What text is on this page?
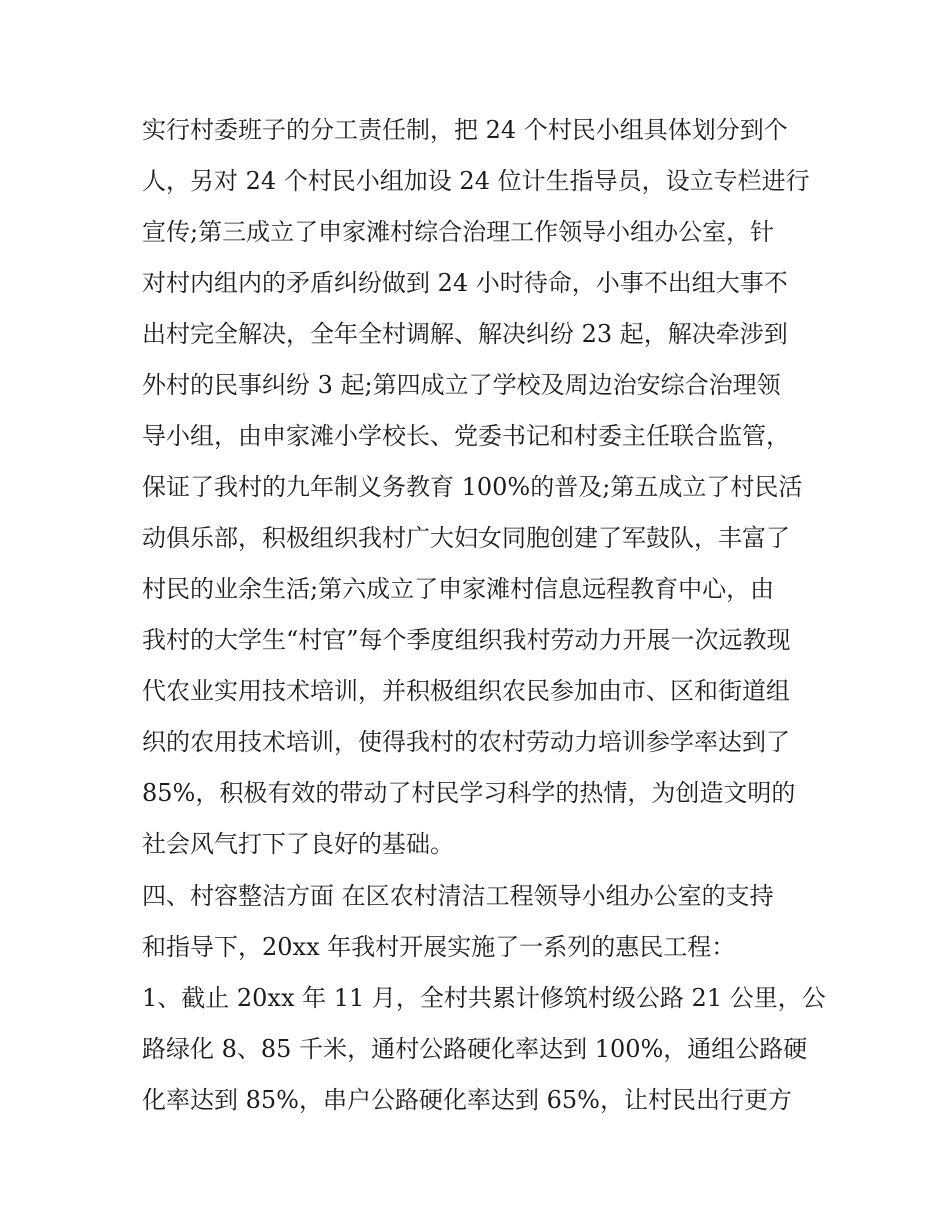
实行村委班子的分工责任制，把 24 个村民小组具体划分到个
人，另对 24 个村民小组加设 24 位计生指导员，设立专栏进行
宣传;第三成立了申家滩村综合治理工作领导小组办公室，针
对村内组内的矛盾纠纷做到 24 小时待命，小事不出组大事不
出村完全解决，全年全村调解、解决纠纷 23 起，解决牵涉到
外村的民事纠纷 3 起;第四成立了学校及周边治安综合治理领
导小组，由申家滩小学校长、党委书记和村委主任联合监管，
保证了我村的九年制义务教育 100%的普及;第五成立了村民活
动俱乐部，积极组织我村广大妇女同胞创建了军鼓队，丰富了
村民的业余生活;第六成立了申家滩村信息远程教育中心，由
我村的大学生“村官”每个季度组织我村劳动力开展一次远教现
代农业实用技术培训，并积极组织农民参加由市、区和街道组
织的农用技术培训，使得我村的农村劳动力培训参学率达到了
85%，积极有效的带动了村民学习科学的热情，为创造文明的
社会风气打下了良好的基础。
四、村容整洁方面 在区农村清洁工程领导小组办公室的支持
和指导下，20xx 年我村开展实施了一系列的惠民工程：
1、截止 20xx 年 11 月，全村共累计修筑村级公路 21 公里，公
路绿化 8、85 千米，通村公路硬化率达到 100%，通组公路硬
化率达到 85%，串户公路硬化率达到 65%，让村民出行更方
